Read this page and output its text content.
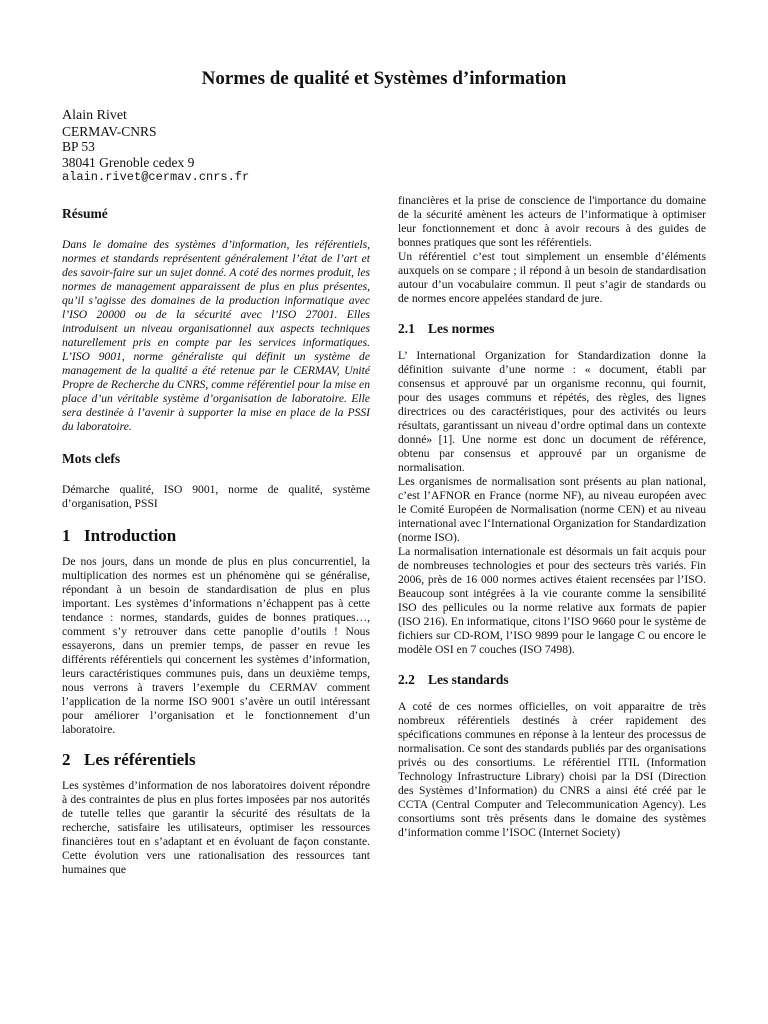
Normes de qualité et Systèmes d’information
Alain Rivet
CERMAV-CNRS
BP 53
38041 Grenoble cedex 9
alain.rivet@cermav.cnrs.fr
Résumé

Dans le domaine des systèmes d’information, les référentiels, normes et standards représentent généralement l’état de l’art et des savoir-faire sur un sujet donné. A coté des normes produit, les normes de management apparaissent de plus en plus présentes, qu’il s’agisse des domaines de la production informatique avec l’ISO 20000 ou de la sécurité avec l’ISO 27001. Elles introduisent un niveau organisationnel aux aspects techniques naturellement pris en compte par les services informatiques. L’ISO 9001, norme généraliste qui définit un système de management de la qualité a été retenue par le CERMAV, Unité Propre de Recherche du CNRS, comme référentiel pour la mise en place d’un véritable système d’organisation de laboratoire. Elle sera destinée à l’avenir à supporter la mise en place de la PSSI du laboratoire.

Mots clefs

Démarche qualité, ISO 9001, norme de qualité, système d’organisation, PSSI

1 Introduction

De nos jours, dans un monde de plus en plus concurrentiel, la multiplication des normes est un phénomène qui se généralise, répondant à un besoin de standardisation de plus en plus important. Les systèmes d’informations n’échappent pas à cette tendance : normes, standards, guides de bonnes pratiques…, comment s’y retrouver dans cette panoplie d’outils ! Nous essayerons, dans un premier temps, de passer en revue les différents référentiels qui concernent les systèmes d’information, leurs caractéristiques communes puis, dans un deuxième temps, nous verrons à travers l’exemple du CERMAV comment l’application de la norme ISO 9001 s’avère un outil intéressant pour améliorer l’organisation et le fonctionnement d’un laboratoire.

2 Les référentiels

Les systèmes d’information de nos laboratoires doivent répondre à des contraintes de plus en plus fortes imposées par nos autorités de tutelle telles que garantir la sécurité des résultats de la recherche, satisfaire les utilisateurs, optimiser les ressources financières tout en s’adaptant et en évoluant de façon constante. Cette évolution vers une rationalisation des ressources tant humaines que

financières et la prise de conscience de l'importance du domaine de la sécurité amènent les acteurs de l’informatique à optimiser leur fonctionnement et donc à avoir recours à des guides de bonnes pratiques que sont les référentiels.

Un référentiel c’est tout simplement un ensemble d’éléments auxquels on se compare ; il répond à un besoin de standardisation autour d’un vocabulaire commun. Il peut s’agir de standards ou de normes encore appelées standard de jure.

2.1 Les normes

L’ International Organization for Standardization donne la définition suivante d’une norme : « document, établi par consensus et approuvé par un organisme reconnu, qui fournit, pour des usages communs et répétés, des règles, des lignes directrices ou des caractéristiques, pour des activités ou leurs résultats, garantissant un niveau d’ordre optimal dans un contexte donné» [1]. Une norme est donc un document de référence, obtenu par consensus et approuvé par un organisme de normalisation.

Les organismes de normalisation sont présents au plan national, c’est l’AFNOR en France (norme NF), au niveau européen avec le Comité Européen de Normalisation (norme CEN) et au niveau international avec l‘International Organization for Standardization (norme ISO).

La normalisation internationale est désormais un fait acquis pour de nombreuses technologies et pour des secteurs très variés. Fin 2006, près de 16 000 normes actives étaient recensées par l’ISO. Beaucoup sont intégrées à la vie courante comme la sensibilité ISO des pellicules ou la norme relative aux formats de papier (ISO 216). En informatique, citons l’ISO 9660 pour le système de fichiers sur CD-ROM, l’ISO 9899 pour le langage C ou encore le modèle OSI en 7 couches (ISO 7498).

2.2 Les standards

A coté de ces normes officielles, on voit apparaitre de très nombreux référentiels destinés à créer rapidement des spécifications communes en réponse à la lenteur des processus de normalisation. Ce sont des standards publiés par des organisations privés ou des consortiums. Le référentiel ITIL (Information Technology Infrastructure Library) choisi par la DSI (Direction des Systèmes d’Information) du CNRS a ainsi été créé par le CCTA (Central Computer and Telecommunication Agency). Les consortiums sont très présents dans le domaine des systèmes d’information comme l’ISOC (Internet Society)
